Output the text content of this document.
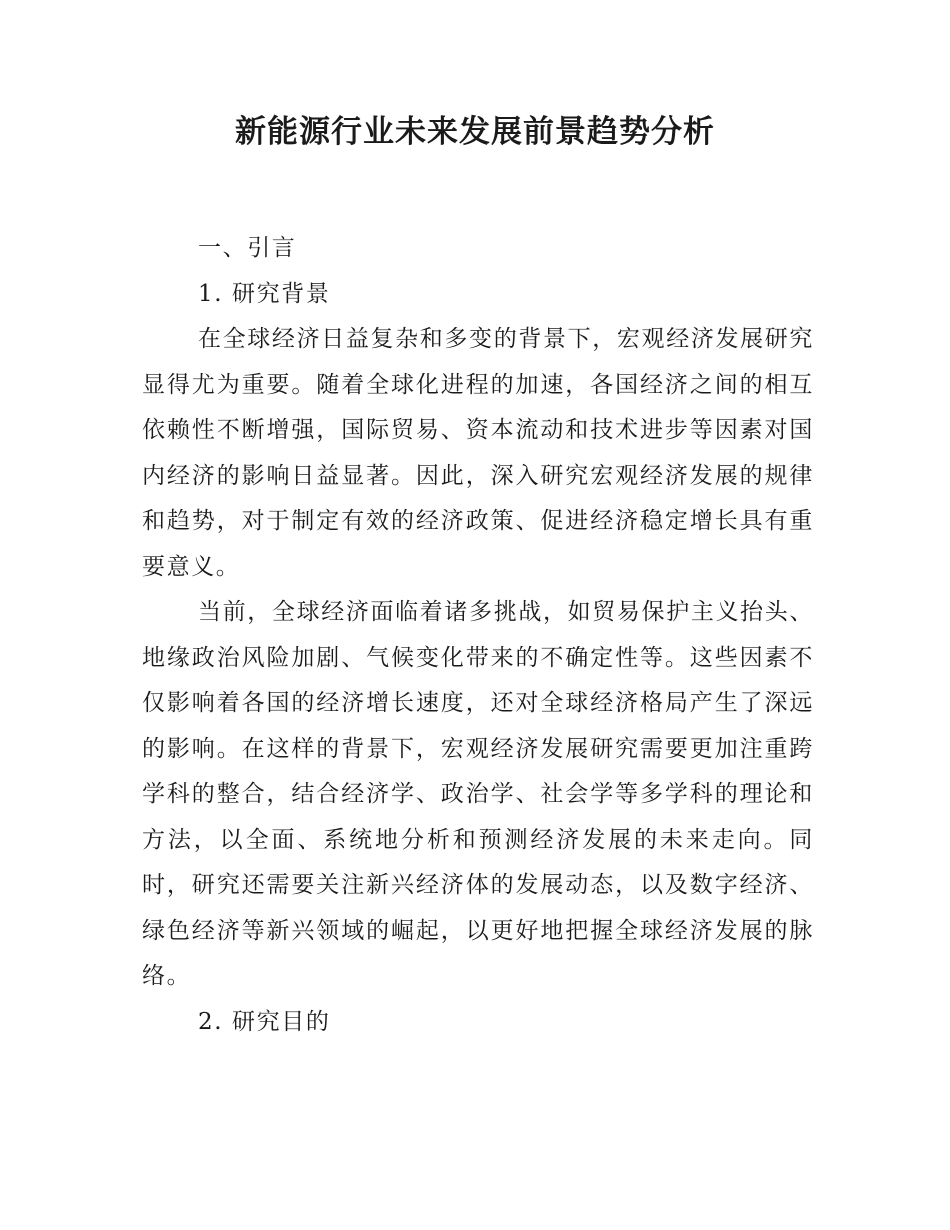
新能源行业未来发展前景趋势分析
一、引言
1. 研究背景

在全球经济日益复杂和多变的背景下，宏观经济发展研究显得尤为重要。随着全球化进程的加速，各国经济之间的相互依赖性不断增强，国际贸易、资本流动和技术进步等因素对国内经济的影响日益显著。因此，深入研究宏观经济发展的规律和趋势，对于制定有效的经济政策、促进经济稳定增长具有重要意义。

当前，全球经济面临着诸多挑战，如贸易保护主义抬头、地缘政治风险加剧、气候变化带来的不确定性等。这些因素不仅影响着各国的经济增长速度，还对全球经济格局产生了深远的影响。在这样的背景下，宏观经济发展研究需要更加注重跨学科的整合，结合经济学、政治学、社会学等多学科的理论和方法，以全面、系统地分析和预测经济发展的未来走向。同时，研究还需要关注新兴经济体的发展动态，以及数字经济、绿色经济等新兴领域的崛起，以更好地把握全球经济发展的脉络。

2. 研究目的
